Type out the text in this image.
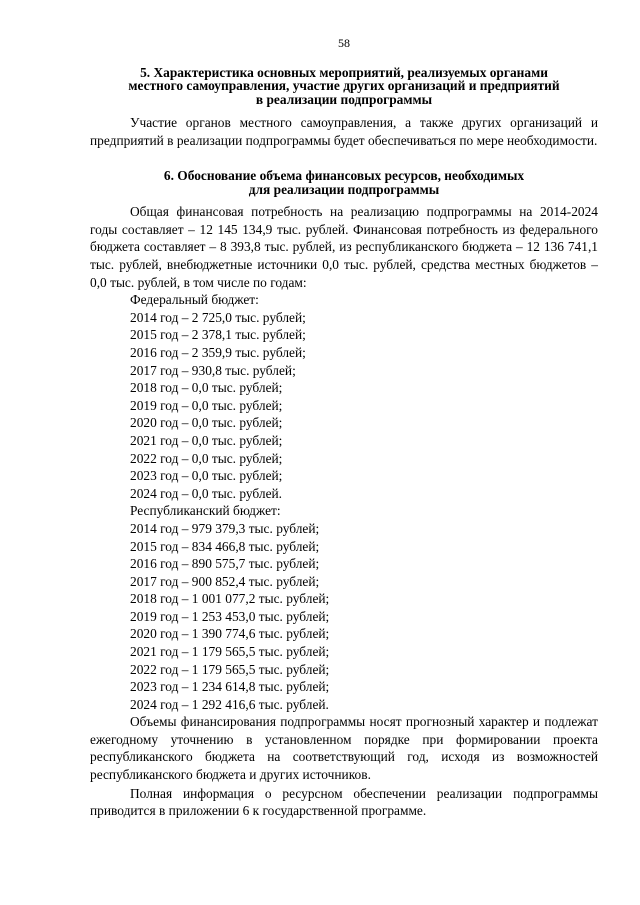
58
5. Характеристика основных мероприятий, реализуемых органами
местного самоуправления, участие других организаций и предприятий
в реализации подпрограммы

Участие органов местного самоуправления, а также других организаций и предприятий в реализации подпрограммы будет обеспечиваться по мере необходимости.

6. Обоснование объема финансовых ресурсов, необходимых
для реализации подпрограммы

Общая финансовая потребность на реализацию подпрограммы на 2014-2024 годы составляет – 12 145 134,9 тыс. рублей. Финансовая потребность из федерального бюджета составляет – 8 393,8 тыс. рублей, из республиканского бюджета – 12 136 741,1 тыс. рублей, внебюджетные источники 0,0 тыс. рублей, средства местных бюджетов – 0,0 тыс. рублей, в том числе по годам:

Федеральный бюджет:

2014 год – 2 725,0 тыс. рублей;
2015 год – 2 378,1 тыс. рублей;
2016 год – 2 359,9 тыс. рублей;
2017 год – 930,8 тыс. рублей;
2018 год – 0,0 тыс. рублей;
2019 год – 0,0 тыс. рублей;
2020 год – 0,0 тыс. рублей;
2021 год – 0,0 тыс. рублей;
2022 год – 0,0 тыс. рублей;
2023 год – 0,0 тыс. рублей;
2024 год – 0,0 тыс. рублей.

Республиканский бюджет:

2014 год – 979 379,3 тыс. рублей;
2015 год – 834 466,8 тыс. рублей;
2016 год – 890 575,7 тыс. рублей;
2017 год – 900 852,4 тыс. рублей;
2018 год – 1 001 077,2 тыс. рублей;
2019 год – 1 253 453,0 тыс. рублей;
2020 год – 1 390 774,6 тыс. рублей;
2021 год – 1 179 565,5 тыс. рублей;
2022 год – 1 179 565,5 тыс. рублей;
2023 год – 1 234 614,8 тыс. рублей;
2024 год – 1 292 416,6 тыс. рублей.

Объемы финансирования подпрограммы носят прогнозный характер и подлежат ежегодному уточнению в установленном порядке при формировании проекта республиканского бюджета на соответствующий год, исходя из возможностей республиканского бюджета и других источников.

Полная информация о ресурсном обеспечении реализации подпрограммы приводится в приложении 6 к государственной программе.
